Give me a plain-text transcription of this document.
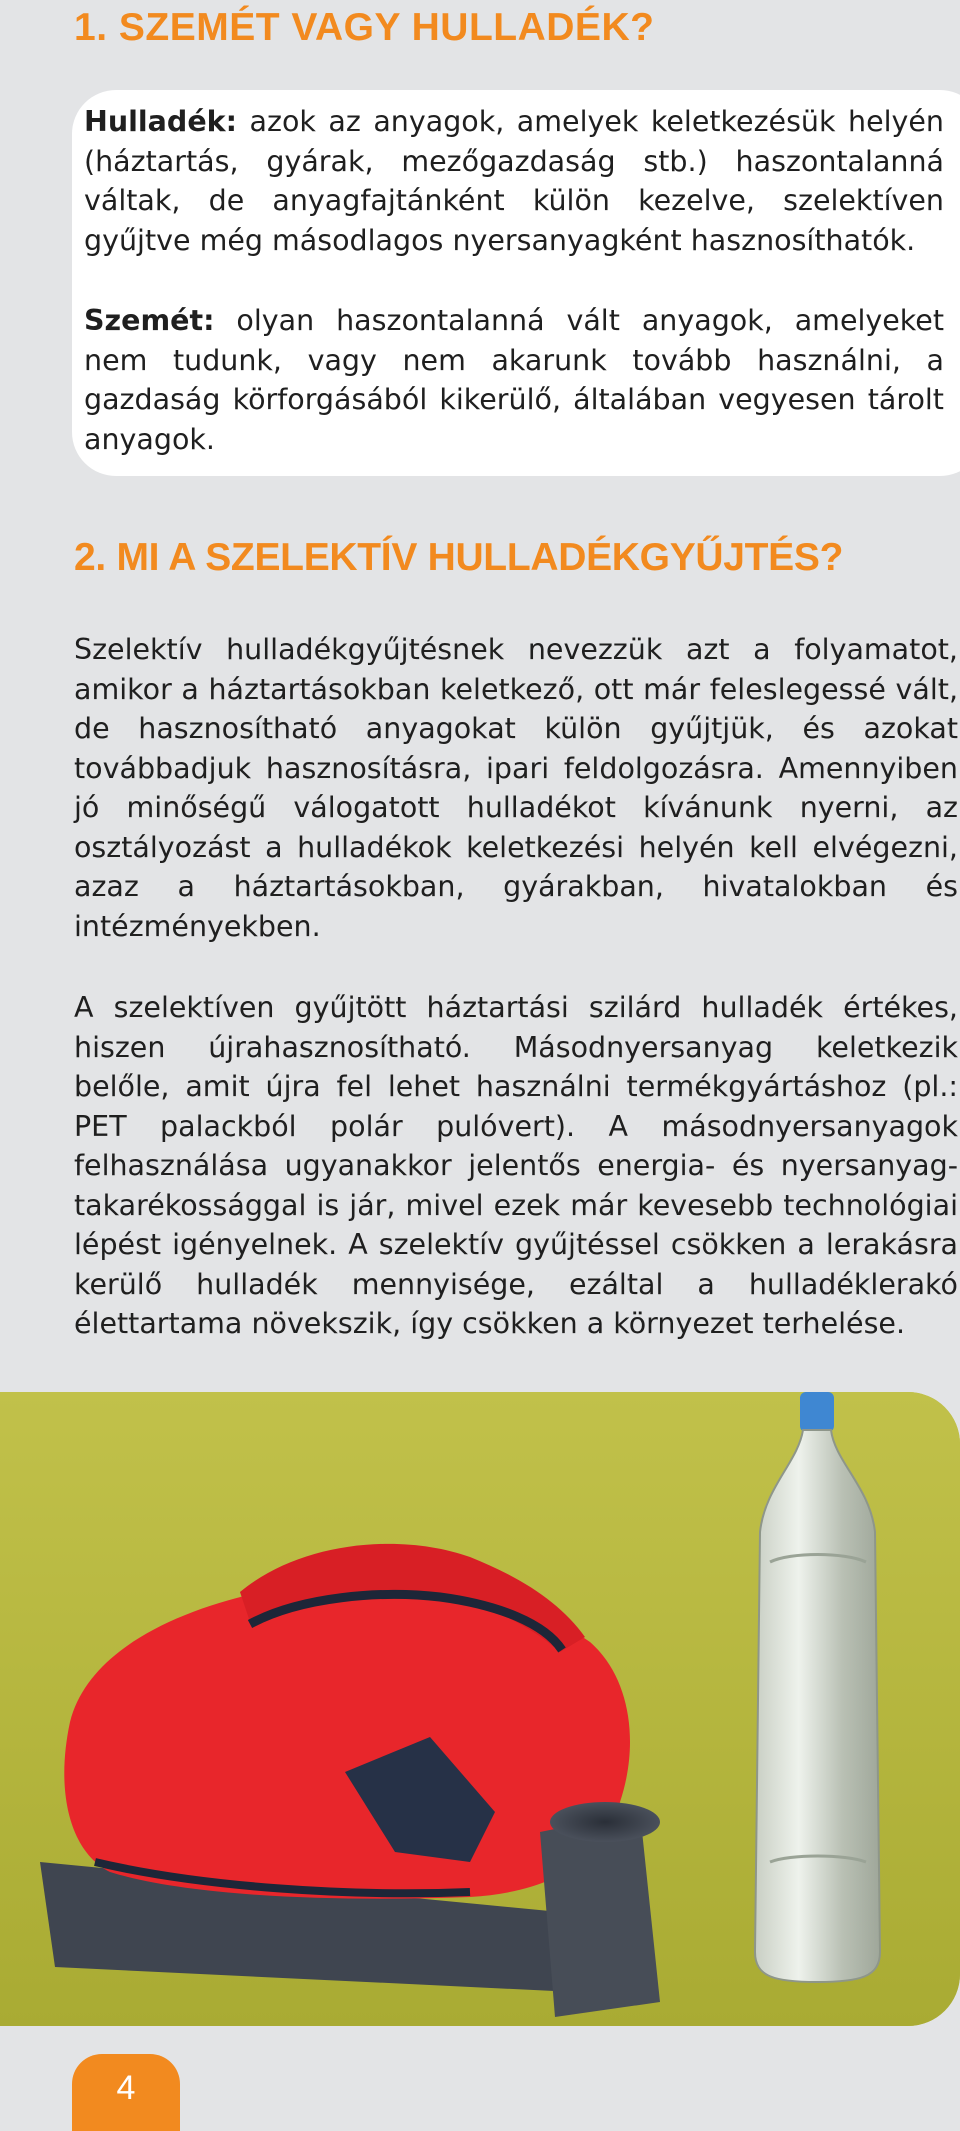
1. SZEMÉT VAGY HULLADÉK?

Hulladék: azok az anyagok, amelyek keletkezésük helyén (háztartás, gyárak, mezőgazdaság stb.) haszontalanná váltak, de anyagfajtánként külön kezelve, szelektíven gyűjtve még másodlagos nyersanyagként hasznosíthatók.

Szemét: olyan haszontalanná vált anyagok, amelyeket nem tudunk, vagy nem akarunk tovább használni, a gazdaság körforgásából kikerülő, általában vegyesen tárolt anyagok.

2. MI A SZELEKTÍV HULLADÉKGYŰJTÉS?

Szelektív hulladékgyűjtésnek nevezzük azt a folyamatot, amikor a háztartásokban keletkező, ott már feleslegessé vált, de hasznosítható anyagokat külön gyűjtjük, és azokat továbbadjuk hasznosításra, ipari feldolgozásra. Amennyiben jó minőségű válogatott hulladékot kívánunk nyerni, az osztályozást a hulladékok keletkezési helyén kell elvégezni, azaz a háztartásokban, gyárakban, hivatalokban és intézményekben.

A szelektíven gyűjtött háztartási szilárd hulladék értékes, hiszen újrahasznosítható. Másodnyersanyag keletkezik belőle, amit újra fel lehet használni termékgyártáshoz (pl.: PET palackból polár pulóvert). A másodnyersanyagok felhasználása ugyanakkor jelentős energia- és nyersanyag-takarékossággal is jár, mivel ezek már kevesebb technológiai lépést igényelnek. A szelektív gyűjtéssel csökken a lerakásra kerülő hulladék mennyisége, ezáltal a hulladéklerakó élettartama növekszik, így csökken a környezet terhelése.

4
